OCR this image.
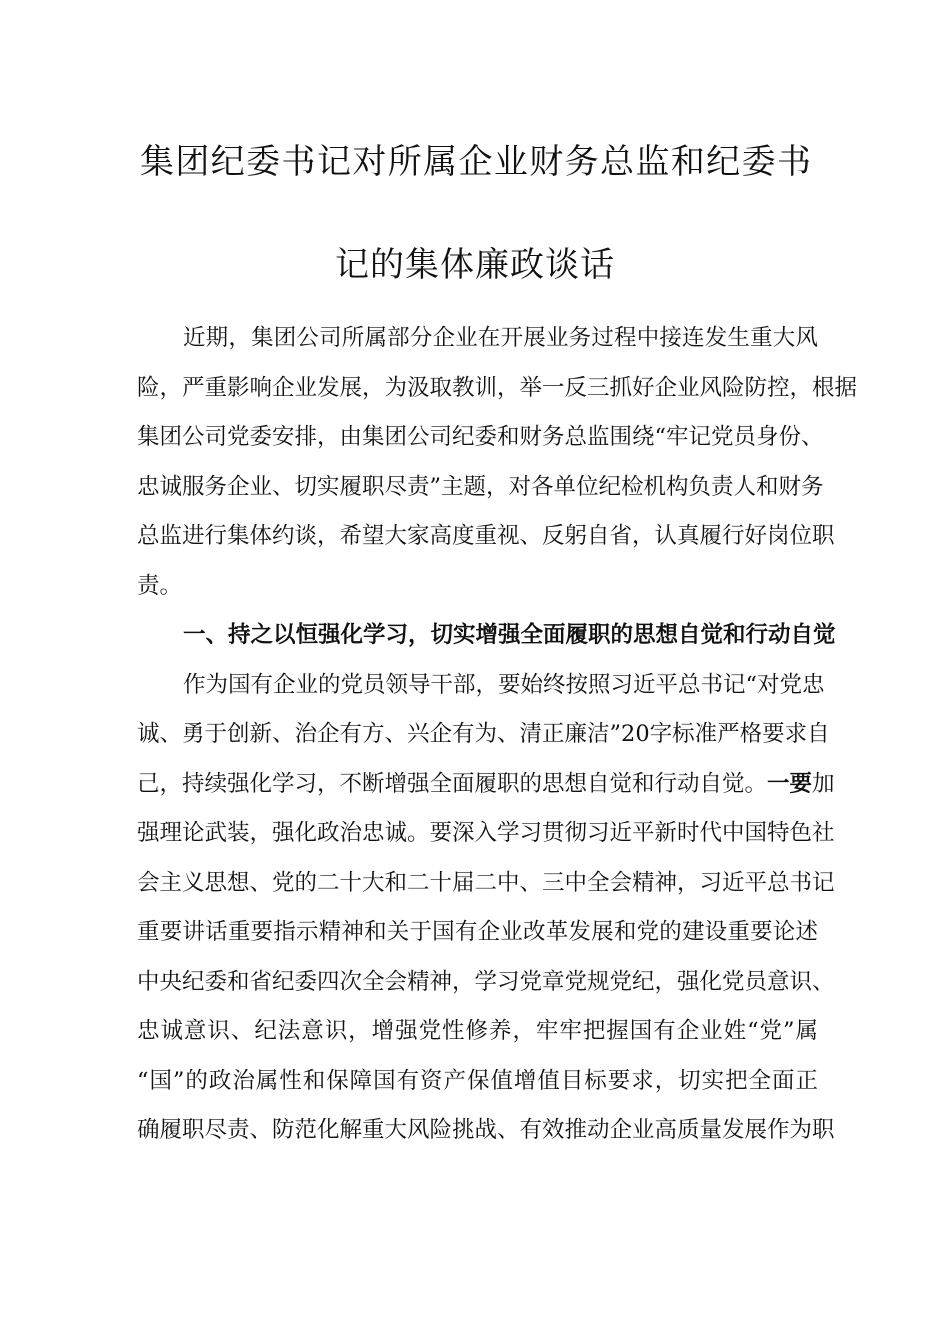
集团纪委书记对所属企业财务总监和纪委书
记的集体廉政谈话
近期，集团公司所属部分企业在开展业务过程中接连发生重大风
险，严重影响企业发展，为汲取教训，举一反三抓好企业风险防控，根据
集团公司党委安排，由集团公司纪委和财务总监围绕“牢记党员身份、
忠诚服务企业、切实履职尽责”主题，对各单位纪检机构负责人和财务
总监进行集体约谈，希望大家高度重视、反躬自省，认真履行好岗位职
责。
一、持之以恒强化学习，切实增强全面履职的思想自觉和行动自觉
作为国有企业的党员领导干部，要始终按照习近平总书记“对党忠
诚、勇于创新、治企有方、兴企有为、清正廉洁”20字标准严格要求自
己，持续强化学习，不断增强全面履职的思想自觉和行动自觉。一要加
强理论武装，强化政治忠诚。要深入学习贯彻习近平新时代中国特色社
会主义思想、党的二十大和二十届二中、三中全会精神，习近平总书记
重要讲话重要指示精神和关于国有企业改革发展和党的建设重要论述
中央纪委和省纪委四次全会精神，学习党章党规党纪，强化党员意识、
忠诚意识、纪法意识，增强党性修养，牢牢把握国有企业姓“党”属
“国”的政治属性和保障国有资产保值增值目标要求，切实把全面正
确履职尽责、防范化解重大风险挑战、有效推动企业高质量发展作为职
